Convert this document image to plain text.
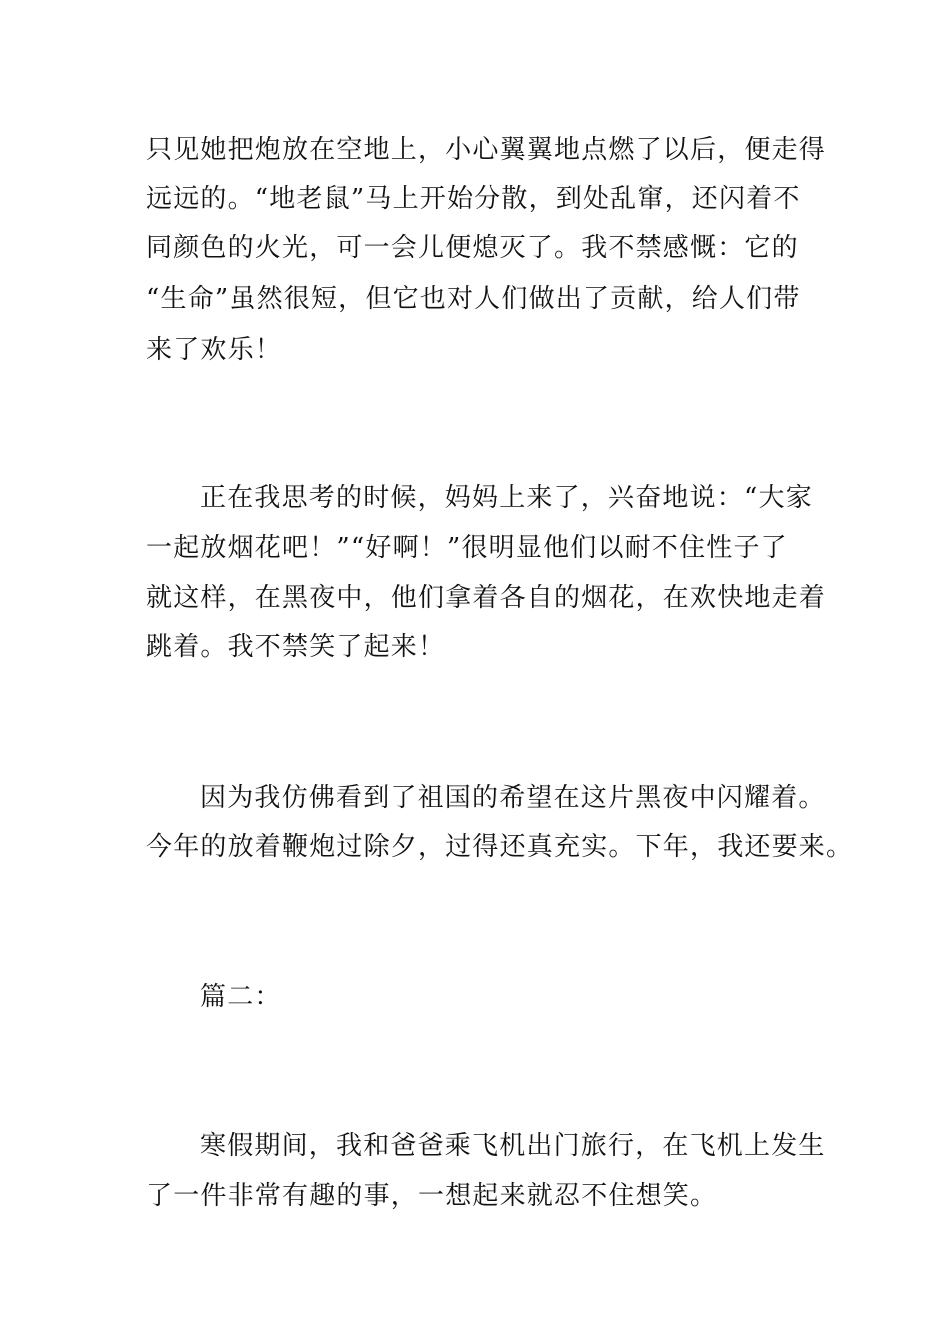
只见她把炮放在空地上，小心翼翼地点燃了以后，便走得
远远的。“地老鼠”马上开始分散，到处乱窜，还闪着不
同颜色的火光，可一会儿便熄灭了。我不禁感慨：它的
“生命”虽然很短，但它也对人们做出了贡献，给人们带
来了欢乐！
正在我思考的时候，妈妈上来了，兴奋地说：“大家
一起放烟花吧！”“好啊！”很明显他们以耐不住性子了
就这样，在黑夜中，他们拿着各自的烟花，在欢快地走着
跳着。我不禁笑了起来！
因为我仿佛看到了祖国的希望在这片黑夜中闪耀着。
今年的放着鞭炮过除夕，过得还真充实。下年，我还要来。
篇二：
寒假期间，我和爸爸乘飞机出门旅行，在飞机上发生
了一件非常有趣的事，一想起来就忍不住想笑。
